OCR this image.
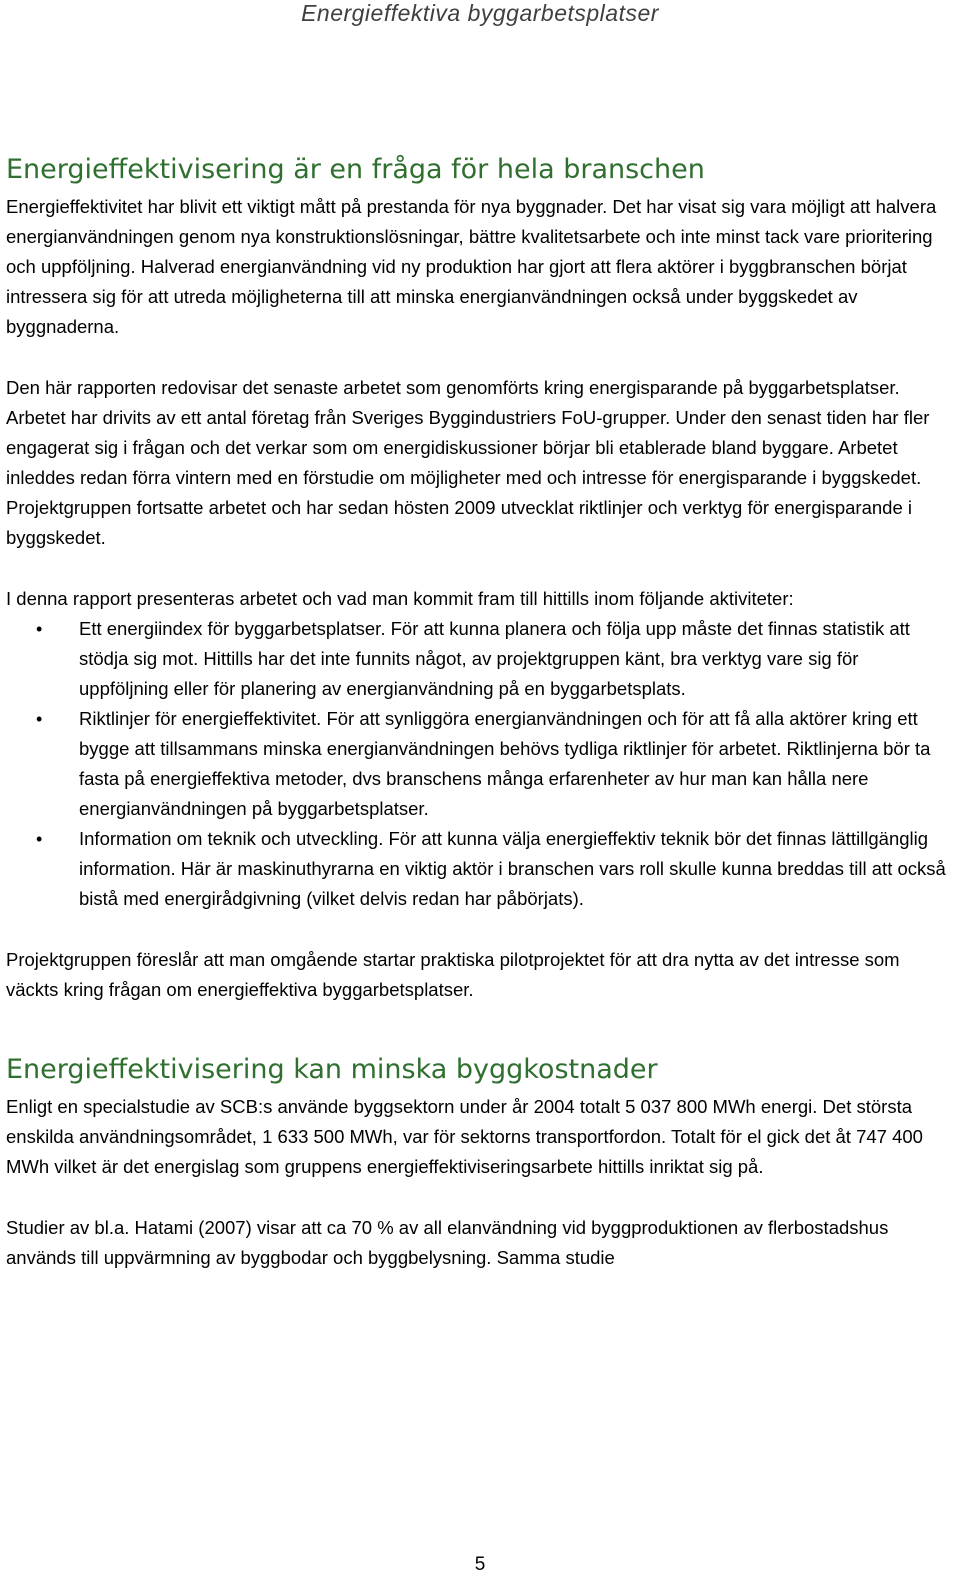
Energieffektiva byggarbetsplatser
Energieffektivisering är en fråga för hela branschen

Energieffektivitet har blivit ett viktigt mått på prestanda för nya byggnader. Det har visat sig vara möjligt att halvera energianvändningen genom nya konstruktionslösningar, bättre kvalitetsarbete och inte minst tack vare prioritering och uppföljning. Halverad energianvändning vid ny produktion har gjort att flera aktörer i byggbranschen börjat intressera sig för att utreda möjligheterna till att minska energianvändningen också under byggskedet av byggnaderna.

Den här rapporten redovisar det senaste arbetet som genomförts kring energisparande på byggarbetsplatser. Arbetet har drivits av ett antal företag från Sveriges Byggindustriers FoU-grupper. Under den senast tiden har fler engagerat sig i frågan och det verkar som om energidiskussioner börjar bli etablerade bland byggare. Arbetet inleddes redan förra vintern med en förstudie om möjligheter med och intresse för energisparande i byggskedet. Projektgruppen fortsatte arbetet och har sedan hösten 2009 utvecklat riktlinjer och verktyg för energisparande i byggskedet.

I denna rapport presenteras arbetet och vad man kommit fram till hittills inom följande aktiviteter:

• Ett energiindex för byggarbetsplatser. För att kunna planera och följa upp måste det finnas statistik att stödja sig mot. Hittills har det inte funnits något, av projektgruppen känt, bra verktyg vare sig för uppföljning eller för planering av energianvändning på en byggarbetsplats.
• Riktlinjer för energieffektivitet. För att synliggöra energianvändningen och för att få alla aktörer kring ett bygge att tillsammans minska energianvändningen behövs tydliga riktlinjer för arbetet. Riktlinjerna bör ta fasta på energieffektiva metoder, dvs branschens många erfarenheter av hur man kan hålla nere energianvändningen på byggarbetsplatser.
• Information om teknik och utveckling. För att kunna välja energieffektiv teknik bör det finnas lättillgänglig information. Här är maskinuthyrarna en viktig aktör i branschen vars roll skulle kunna breddas till att också bistå med energirådgivning (vilket delvis redan har påbörjats).

Projektgruppen föreslår att man omgående startar praktiska pilotprojektet för att dra nytta av det intresse som väckts kring frågan om energieffektiva byggarbetsplatser.

Energieffektivisering kan minska byggkostnader

Enligt en specialstudie av SCB:s använde byggsektorn under år 2004 totalt 5 037 800 MWh energi. Det största enskilda användningsområdet, 1 633 500 MWh, var för sektorns transportfordon. Totalt för el gick det åt 747 400 MWh vilket är det energislag som gruppens energieffektiviseringsarbete hittills inriktat sig på.

Studier av bl.a. Hatami (2007) visar att ca 70 % av all elanvändning vid byggproduktionen av flerbostadshus används till uppvärmning av byggbodar och byggbelysning. Samma studie

5
